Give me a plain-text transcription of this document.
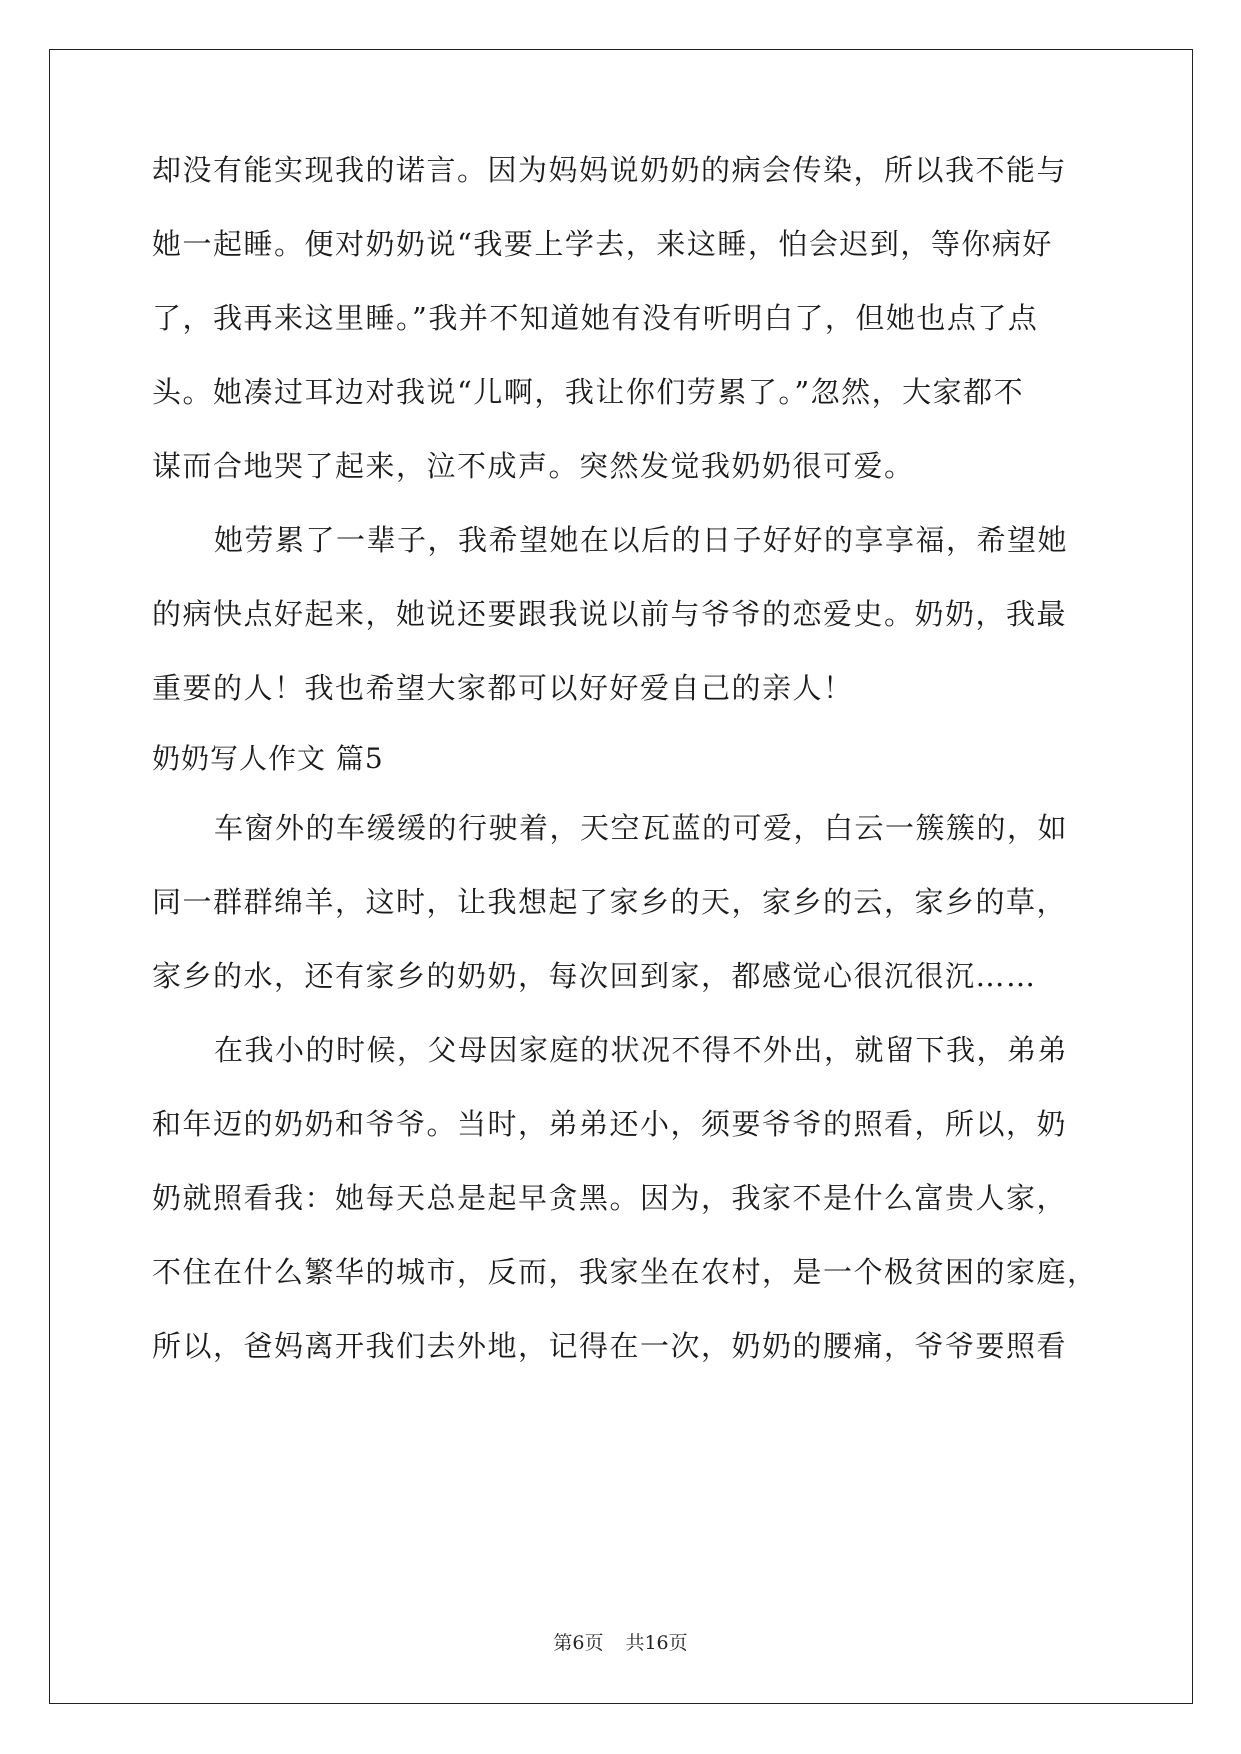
却没有能实现我的诺言。因为妈妈说奶奶的病会传染，所以我不能与
她一起睡。便对奶奶说“我要上学去，来这睡，怕会迟到，等你病好
了，我再来这里睡。”我并不知道她有没有听明白了，但她也点了点
头。她凑过耳边对我说“儿啊，我让你们劳累了。”忽然，大家都不
谋而合地哭了起来，泣不成声。突然发觉我奶奶很可爱。
她劳累了一辈子，我希望她在以后的日子好好的享享福，希望她
的病快点好起来，她说还要跟我说以前与爷爷的恋爱史。奶奶，我最
重要的人！我也希望大家都可以好好爱自己的亲人！
奶奶写人作文 篇5
车窗外的车缓缓的行驶着，天空瓦蓝的可爱，白云一簇簇的，如
同一群群绵羊，这时，让我想起了家乡的天，家乡的云，家乡的草，
家乡的水，还有家乡的奶奶，每次回到家，都感觉心很沉很沉……
在我小的时候，父母因家庭的状况不得不外出，就留下我，弟弟
和年迈的奶奶和爷爷。当时，弟弟还小，须要爷爷的照看，所以，奶
奶就照看我：她每天总是起早贪黑。因为，我家不是什么富贵人家，
不住在什么繁华的城市，反而，我家坐在农村，是一个极贫困的家庭，
所以，爸妈离开我们去外地，记得在一次，奶奶的腰痛，爷爷要照看
第6页 共16页
